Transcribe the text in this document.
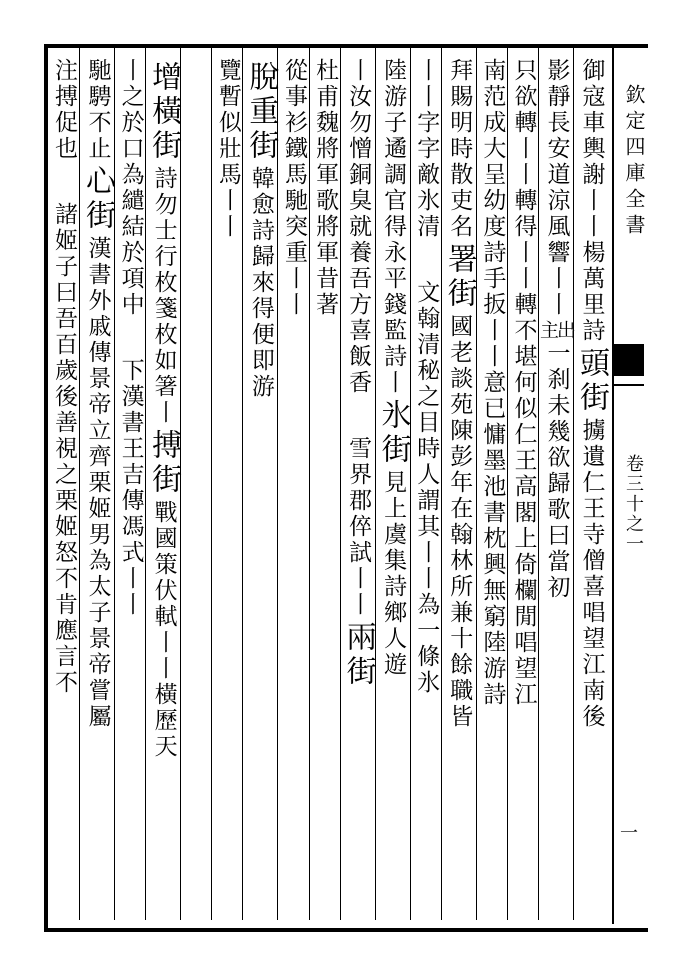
欽定四庫全書
卷三十之一
一
御寇車輿謝丨丨楊萬里詩
頭街
擄遺仁王寺僧喜唱望江南後
影靜長安道涼風響丨丨
出
主
一刹未幾欲歸歌曰當初
只欲轉丨丨轉得丨丨轉不堪何似仁王高閣上倚欄閒唱望江
南范成大呈幼度詩手扳丨丨意已慵墨池書枕興無窮陸游詩
拜賜明時散吏名
署街
國老談苑陳彭年在翰林所兼十餘職皆
丨丨字字敵氷清
文翰清秘之目時人謂其丨丨為一條氷
陸游子遹調官得永平錢監詩丨
氷街
見上虞集詩鄉人遊
丨汝勿憎銅臭就養吾方喜飯香
雪界郡倅試丨丨
兩街
杜甫魏將軍歌將軍昔著
從事衫鐵馬馳突重丨丨
脫重街
韓愈詩歸來得便即游
覽暫似壯馬丨丨
增橫街
詩勿士行枚箋枚如箸丨
搏街
戰國策伏軾丨丨橫歷天
丨之於口為繾結於項中
下漢書王吉傳馮式丨丨
馳騁不止
心街
漢書外戚傳景帝立齊栗姬男為太子景帝嘗屬
注搏促也
諸姬子曰吾百歲後善視之栗姬怒不肯應言不
